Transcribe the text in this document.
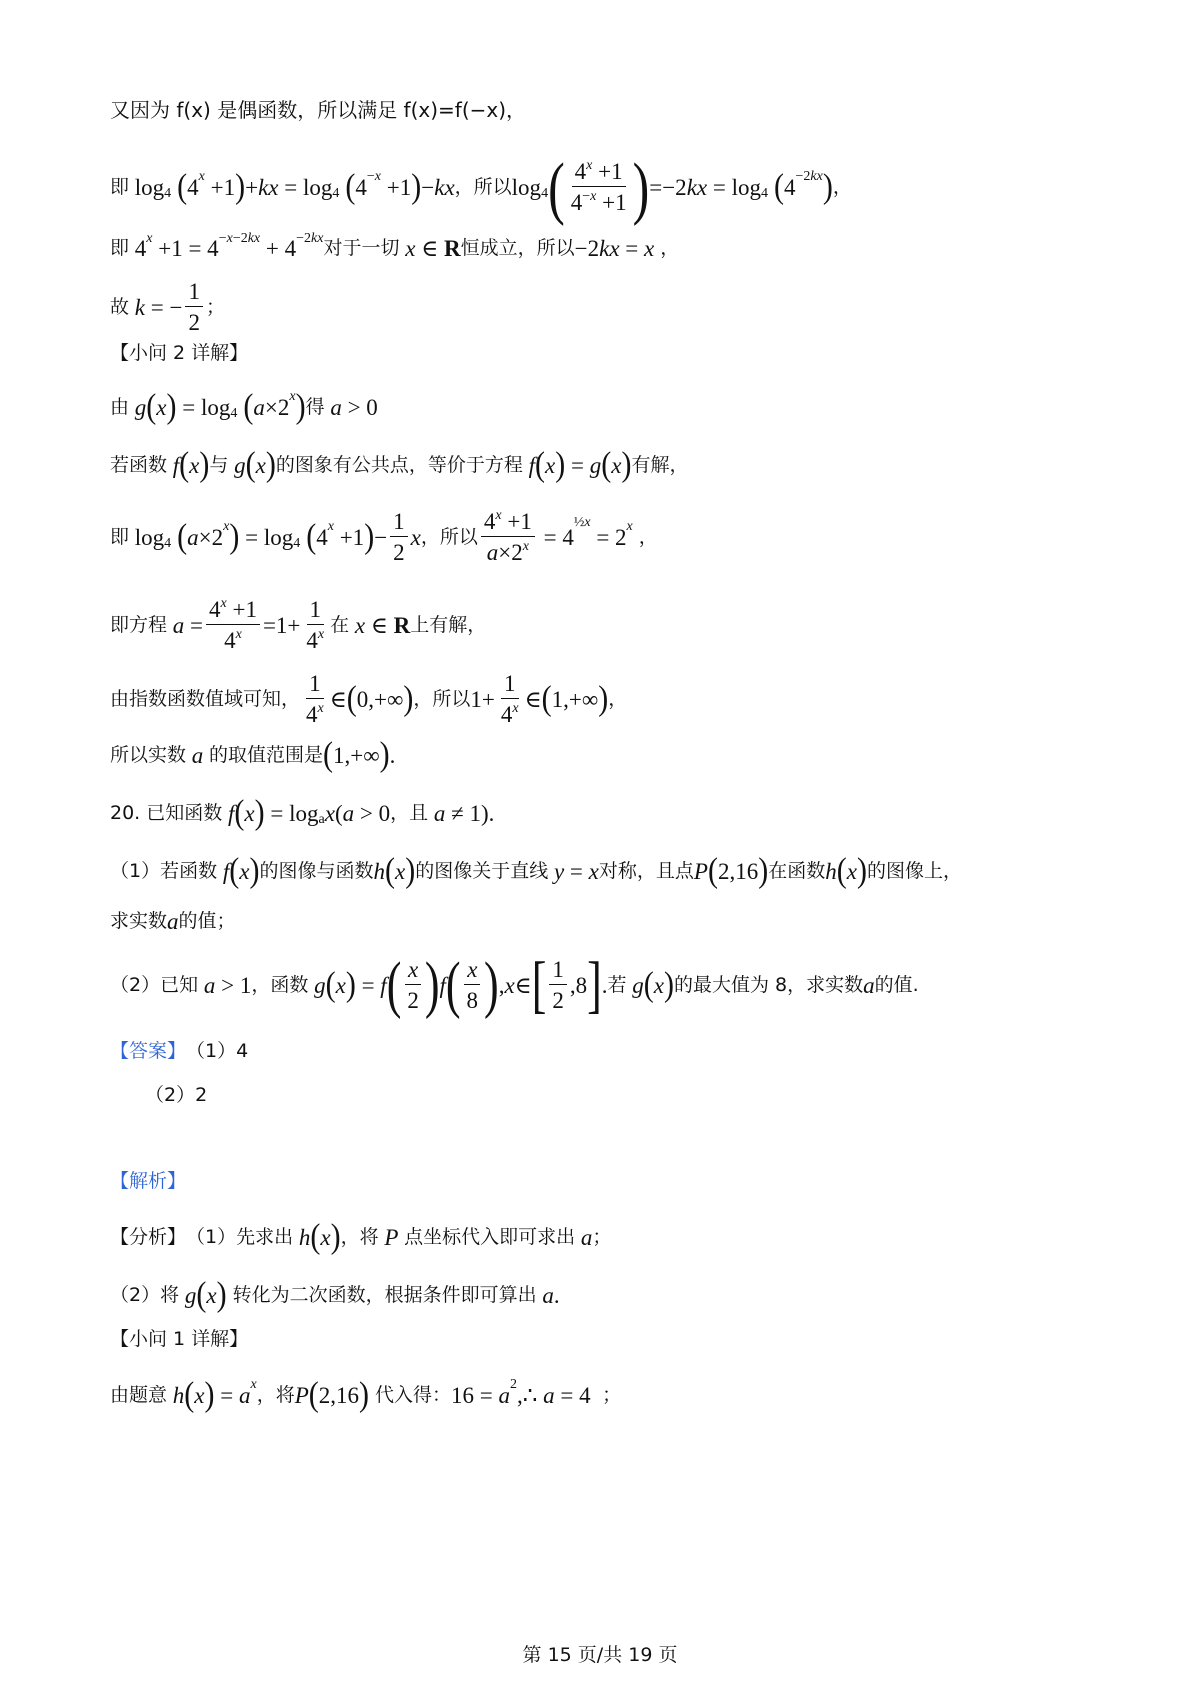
又因为 f(x) 是偶函数，所以满足 f(x)=f(−x)，
即 log 4 ( 4 x +1 ) + kx = log 4 ( 4 −x +1 ) − kx ，所以 log 4 ( $\frac{4^x +1}{4^{-x} +1}$ ) =−2 kx = log 4 ( 4 −2kx ) ，
即 4 x +1 = 4 −x−2kx + 4 −2kx 对于一切 x ∈ R 恒成立，所以 −2 kx = x ，
故 k = − $\frac{1}{2}$ ；
【小问 2 详解】
由 g ( x ) = log 4 ( a ×2 x ) 得 a > 0
若函数 f ( x ) 与 g ( x ) 的图象有公共点，等价于方程 f ( x ) = g ( x ) 有解，
即 log 4 ( a ×2 x ) = log 4 ( 4 x +1 ) − $\frac{1}{2}$ x ，所以 $\frac{4^x +1}{a\times 2^x} = 4$
½x
= 2 x ，
即方程 $a = \frac{4^x +1}{4^x} =1+ \frac{1}{4^x}$ 在 x ∈ R 上有解，
由指数函数值域可知， $\frac{1}{4^x}$ ∈ ( 0,+∞ ) ，所以 $1+ \frac{1}{4^x}$ ∈ ( 1,+∞ ) ，
所以实数 a 的取值范围是 ( 1,+∞ ) .
20. 已知函数 f ( x ) = log a x ( a > 0 ，且 a ≠ 1).
（1）若函数 f ( x ) 的图像与函数 h ( x ) 的图像关于直线 y = x 对称，且点 P ( 2,16 ) 在函数 h ( x ) 的图像上，
求实数 a 的值；
（2）已知 a > 1 ，函数 g ( x ) = f ( $\frac{x}{2}$ ) f ( $\frac{x}{8}$ ) , x ∈ [ $\frac{1}{2} ,8$ ] . 若 g ( x ) 的最大值为 8，求实数 a 的值.
【答案】 （1）4
（2）2
【解析】
【分析】 （1）先求出 h ( x ) ，将 P 点坐标代入即可求出 a ；
（2）将 g ( x ) 转化为二次函数，根据条件即可算出 a .
【小问 1 详解】
由题意 h ( x ) = a x ，将 P ( 2,16 ) 代入得： 16 = a 2 ,∴ a = 4 ；
第 15 页/共 19 页
